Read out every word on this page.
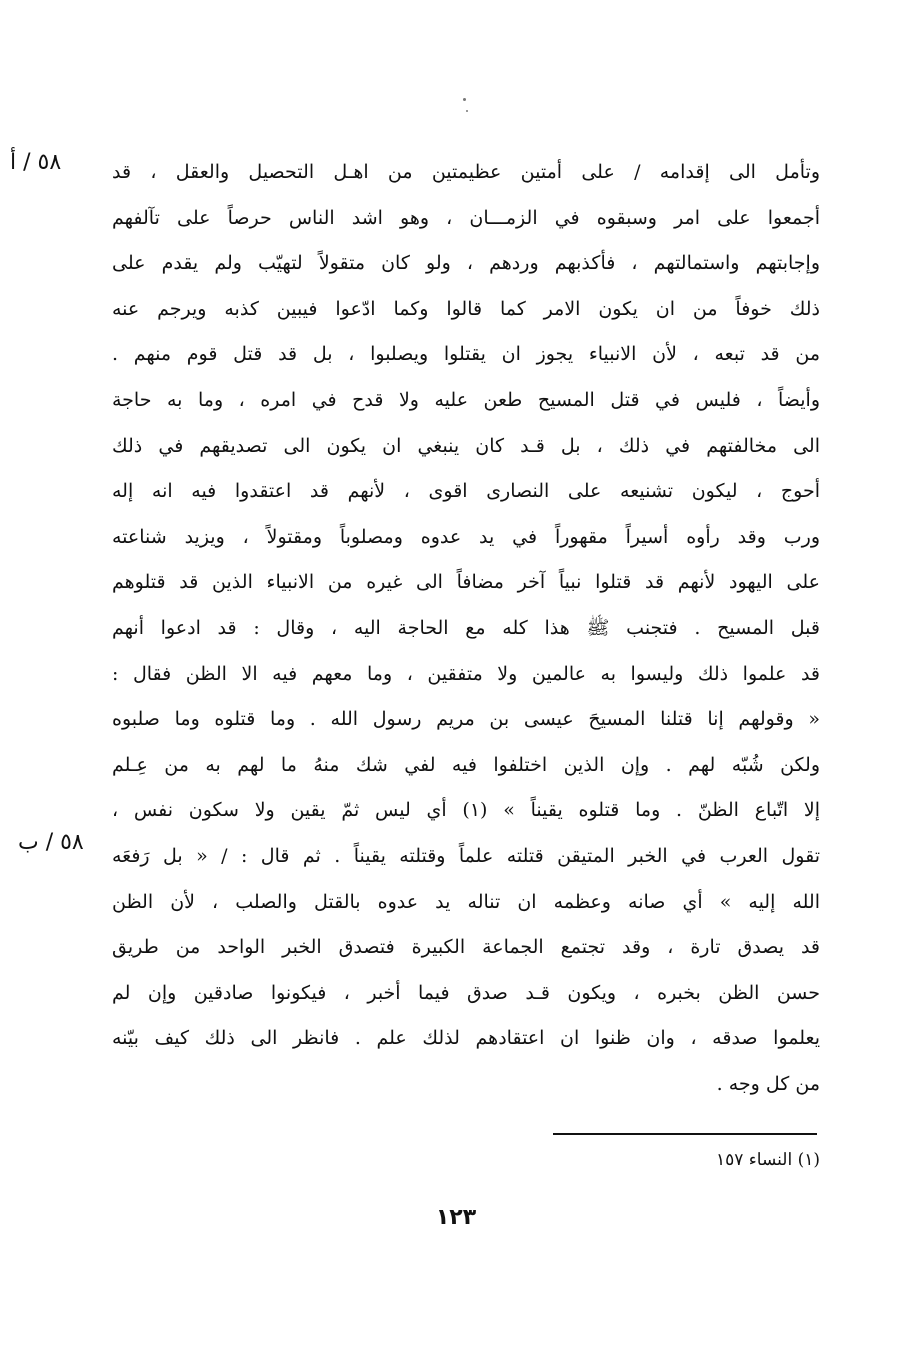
٥٨ / أ
٥٨ / ب
وتأمل الى إقدامه / على أمتين عظيمتين من اهـل التحصيل والعقل ، قد
أجمعوا على امر وسبقوه في الزمـــان ، وهو اشد الناس حرصاً على تآلفهم
وإجابتهم واستمالتهم ، فأكذبهم وردهم ، ولو كان متقولاً لتهيّب ولم يقدم على
ذلك خوفاً من ان يكون الامر كما قالوا وكما ادّعوا فيبين كذبه ويرجم عنه
من قد تبعه ، لأن الانبياء يجوز ان يقتلوا ويصلبوا ، بل قد قتل قوم منهم .
وأيضاً ، فليس في قتل المسيح طعن عليه ولا قدح في امره ، وما به حاجة
الى مخالفتهم في ذلك ، بل قـد كان ينبغي ان يكون الى تصديقهم في ذلك
أحوج ، ليكون تشنيعه على النصارى اقوى ، لأنهم قد اعتقدوا فيه انه إله
ورب وقد رأوه أسيراً مقهوراً في يد عدوه ومصلوباً ومقتولاً ، ويزيد شناعته
على اليهود لأنهم قد قتلوا نبياً آخر مضافاً الى غيره من الانبياء الذين قد قتلوهم
قبل المسيح . فتجنب ﷺ هذا كله مع الحاجة اليه ، وقال : قد ادعوا أنهم
قد علموا ذلك وليسوا به عالمين ولا متفقين ، وما معهم فيه الا الظن فقال :
« وقولهم إنا قتلنا المسيحَ عيسى بن مريم رسول الله . وما قتلوه وما صلبوه
ولكن شُبّه لهم . وإن الذين اختلفوا فيه لفي شك منهُ ما لهم به من عِـلم
إلا اتّباع الظنّ . وما قتلوه يقيناً » (١) أي ليس ثمّ يقين ولا سكون نفس ،
تقول العرب في الخبر المتيقن قتلته علماً وقتلته يقيناً . ثم قال : / « بل رَفعَه
الله إليه » أي صانه وعظمه ان تناله يد عدوه بالقتل والصلب ، لأن الظن
قد يصدق تارة ، وقد تجتمع الجماعة الكبيرة فتصدق الخبر الواحد من طريق
حسن الظن بخبره ، ويكون قـد صدق فيما أخبر ، فيكونوا صادقين وإن لم
يعلموا صدقه ، وان ظنوا ان اعتقادهم لذلك علم . فانظر الى ذلك كيف بيّنه
من كل وجه .
(١) النساء ١٥٧
١٢٣
